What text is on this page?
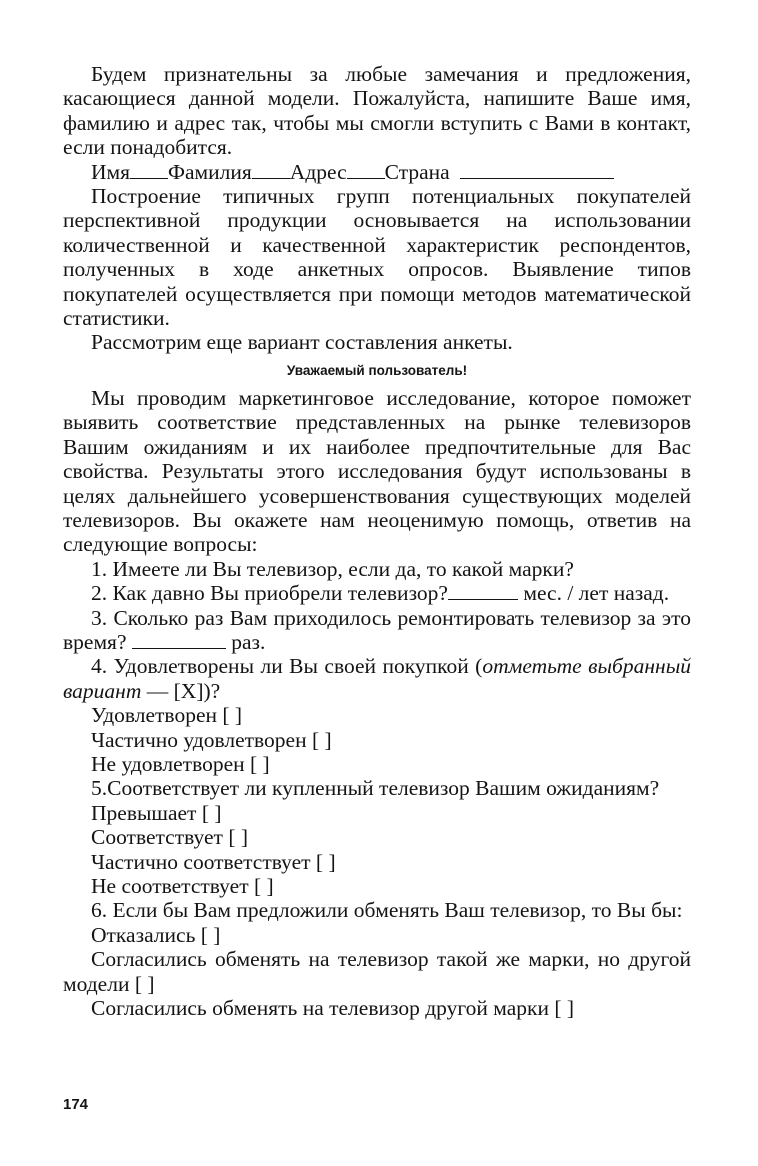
Будем признательны за любые замечания и предложения, касающиеся данной модели. Пожалуйста, напишите Ваше имя, фамилию и адрес так, чтобы мы смогли вступить с Вами в контакт, если понадобится.

Имя Фамилия Адрес Страна

Построение типичных групп потенциальных покупателей перспективной продукции основывается на использовании количественной и качественной характеристик респондентов, полученных в ходе анкетных опросов. Выявление типов покупателей осуществляется при помощи методов математической статистики.

Рассмотрим еще вариант составления анкеты.

Уважаемый пользователь!

Мы проводим маркетинговое исследование, которое поможет выявить соответствие представленных на рынке телевизоров Вашим ожиданиям и их наиболее предпочтительные для Вас свойства. Результаты этого исследования будут использованы в целях дальнейшего усовершенствования существующих моделей телевизоров. Вы окажете нам неоценимую помощь, ответив на следующие вопросы:

1. Имеете ли Вы телевизор, если да, то какой марки?

2. Как давно Вы приобрели телевизор?	мес. / лет назад.

3. Сколько раз Вам приходилось ремонтировать телевизор за это время?	раз.

4. Удовлетворены ли Вы своей покупкой (отметьте выбранный вариант — [X])?

Удовлетворен [ ]

Частично удовлетворен [ ]

Не удовлетворен [ ]

5.Соответствует ли купленный телевизор Вашим ожиданиям?

Превышает [ ]

Соответствует [ ]

Частично соответствует [ ]

Не соответствует [ ]

6. Если бы Вам предложили обменять Ваш телевизор, то Вы бы:

Отказались [ ]

Согласились обменять на телевизор такой же марки, но другой модели [ ]

Согласились обменять на телевизор другой марки [ ]

174
